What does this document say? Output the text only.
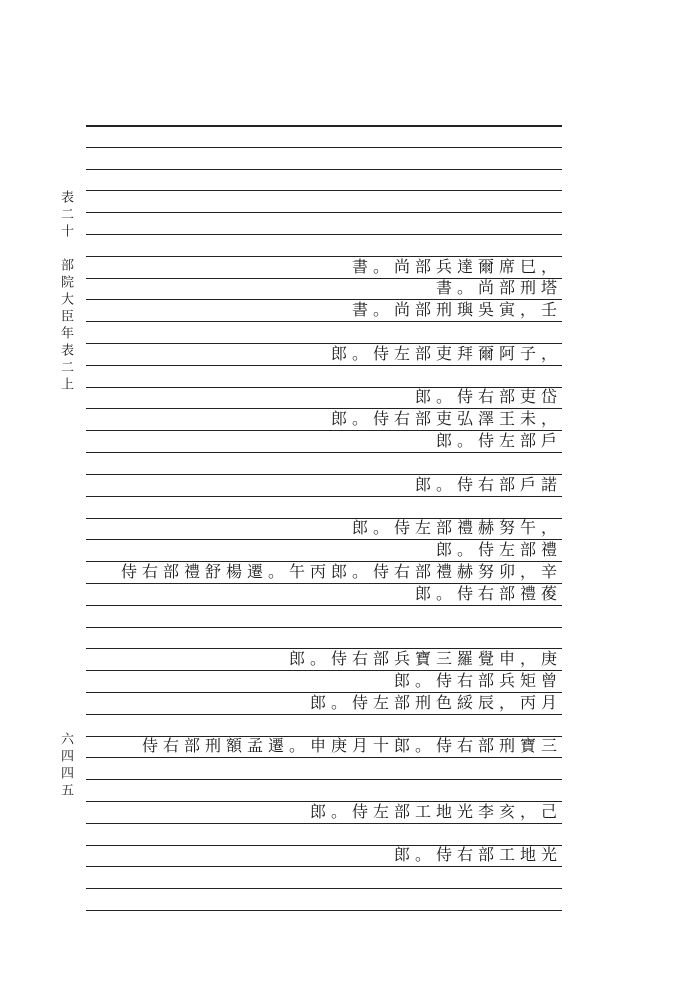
表二十　部院大臣年表二上
六四四五
書。尚部兵達爾席巳，
書。尚部刑塔
書。尚部刑璵吳寅，壬
郎。侍左部吏拜爾阿子，
郎。侍右部吏岱
郎。侍右部吏弘澤王未，
郎。侍左部戶
郎。侍右部戶諾
郎。侍左部禮赫努午，
郎。侍左部禮
侍右部禮舒楊遷。午丙郎。侍右部禮赫努卯，辛
郎。侍右部禮葰
郎。侍右部兵寶三羅覺申，庚
郎。侍右部兵矩曾
郎。侍左部刑色綏辰，丙月
侍右部刑額孟遷。申庚月十郎。侍右部刑寶三
郎。侍左部工地光李亥，己
郎。侍右部工地光
